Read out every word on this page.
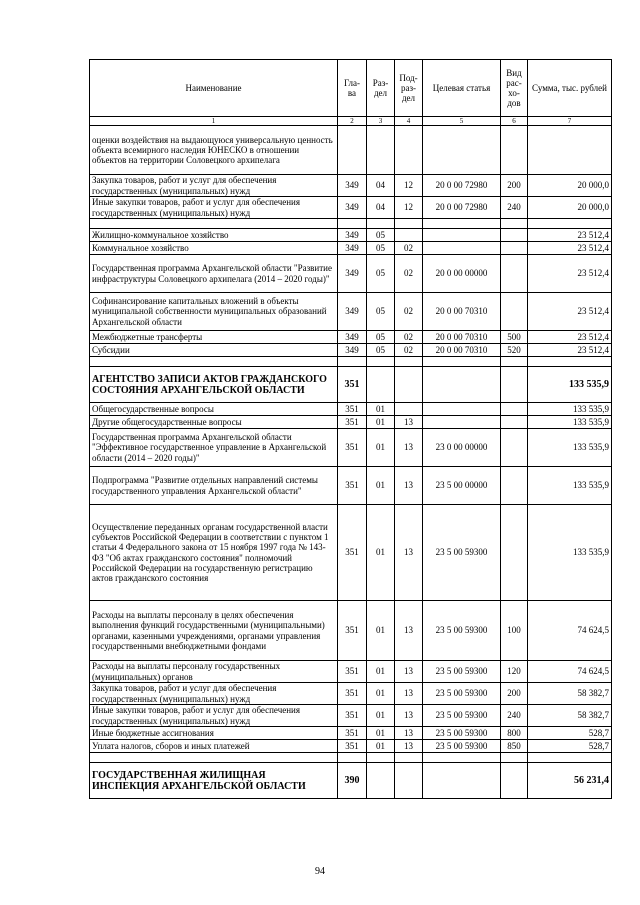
Наименование	Гла-ва	Раз-дел	Под-раз-дел	Целевая статья	Вид рас-хо-дов	Сумма, тыс. рублей
1	2	3	4	5	6	7
оценки воздействия на выдающуюся универсальную ценность объекта всемирного наследия ЮНЕСКО в отношении объектов на территории Соловецкого архипелага						
Закупка товаров, работ и услуг для обеспечения государственных (муниципальных) нужд	349	04	12	20 0 00 72980	200	20 000,0
Иные закупки товаров, работ и услуг для обеспечения государственных (муниципальных) нужд	349	04	12	20 0 00 72980	240	20 000,0

Жилищно-коммунальное хозяйство	349	05				23 512,4
Коммунальное хозяйство	349	05	02			23 512,4
Государственная программа Архангельской области "Развитие инфраструктуры Соловецкого архипелага (2014 – 2020 годы)"	349	05	02	20 0 00 00000		23 512,4
Софинансирование капитальных вложений в объекты муниципальной собственности муниципальных образований Архангельской области	349	05	02	20 0 00 70310		23 512,4
Межбюджетные трансферты	349	05	02	20 0 00 70310	500	23 512,4
Субсидии	349	05	02	20 0 00 70310	520	23 512,4

АГЕНТСТВО ЗАПИСИ АКТОВ ГРАЖДАНСКОГО СОСТОЯНИЯ АРХАНГЕЛЬСКОЙ ОБЛАСТИ	351					133 535,9
Общегосударственные вопросы	351	01				133 535,9
Другие общегосударственные вопросы	351	01	13			133 535,9
Государственная программа Архангельской области "Эффективное государственное управление в Архангельской области (2014 – 2020 годы)"	351	01	13	23 0 00 00000		133 535,9
Подпрограмма "Развитие отдельных направлений системы государственного управления Архангельской области"	351	01	13	23 5 00 00000		133 535,9
Осуществление переданных органам государственной власти субъектов Российской Федерации в соответствии с пунктом 1 статьи 4 Федерального закона от 15 ноября 1997 года № 143-ФЗ "Об актах гражданского состояния" полномочий Российской Федерации на государственную регистрацию актов гражданского состояния	351	01	13	23 5 00 59300		133 535,9
Расходы на выплаты персоналу в целях обеспечения выполнения функций государственными (муниципальными) органами, казенными учреждениями, органами управления государственными внебюджетными фондами	351	01	13	23 5 00 59300	100	74 624,5
Расходы на выплаты персоналу государственных (муниципальных) органов	351	01	13	23 5 00 59300	120	74 624,5
Закупка товаров, работ и услуг для обеспечения государственных (муниципальных) нужд	351	01	13	23 5 00 59300	200	58 382,7
Иные закупки товаров, работ и услуг для обеспечения государственных (муниципальных) нужд	351	01	13	23 5 00 59300	240	58 382,7
Иные бюджетные ассигнования	351	01	13	23 5 00 59300	800	528,7
Уплата налогов, сборов и иных платежей	351	01	13	23 5 00 59300	850	528,7

ГОСУДАРСТВЕННАЯ ЖИЛИЩНАЯ ИНСПЕКЦИЯ АРХАНГЕЛЬСКОЙ ОБЛАСТИ	390					56 231,4
94
